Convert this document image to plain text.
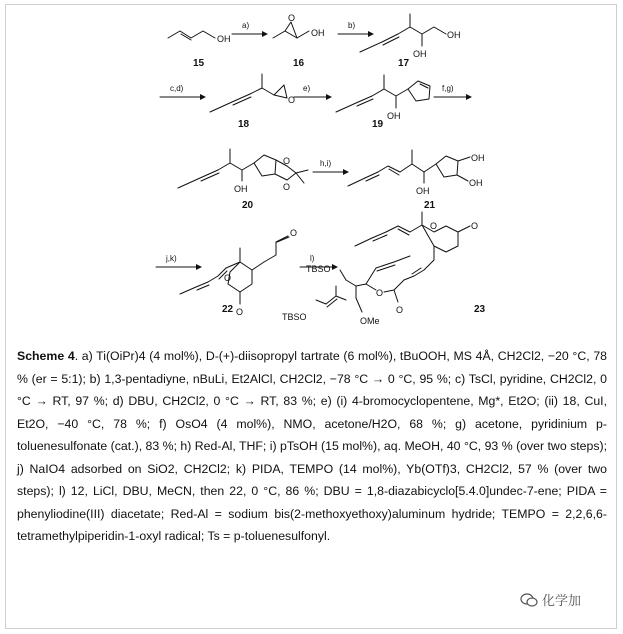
OH
15
a)
O
OH
16
b)
OH
OH
17
c,d)
O
18
e)
OH
19
f,g)
OH
O
O
20
h,i)
OH
OH
OH
21
j,k)
O
O
O
22
l)
O	O
O
O
TBSO
TBSO	OMe
23
Scheme 4. a) Ti(OiPr)4 (4 mol%), D-(+)-diisopropyl tartrate (6 mol%), tBuOOH, MS 4Å, CH2Cl2, −20 °C, 78 % (er = 5:1); b) 1,3-pentadiyne, nBuLi, Et2AlCl, CH2Cl2, −78 °C → 0 °C, 95 %; c) TsCl, pyridine, CH2Cl2, 0 °C → RT, 97 %; d) DBU, CH2Cl2, 0 °C → RT, 83 %; e) (i) 4-bromocyclopentene, Mg*, Et2O; (ii) 18, CuI, Et2O, −40 °C, 78 %; f) OsO4 (4 mol%), NMO, acetone/H2O, 68 %; g) acetone, pyridinium p-toluenesulfonate (cat.), 83 %; h) Red-Al, THF; i) pTsOH (15 mol%), aq. MeOH, 40 °C, 93 % (over two steps); j) NaIO4 adsorbed on SiO2, CH2Cl2; k) PIDA, TEMPO (14 mol%), Yb(OTf)3, CH2Cl2, 57 % (over two steps); l) 12, LiCl, DBU, MeCN, then 22, 0 °C, 86 %; DBU = 1,8-diazabicyclo[5.4.0]undec-7-ene; PIDA = phenyliodine(III) diacetate; Red-Al = sodium bis(2-methoxyethoxy)aluminum hydride; TEMPO = 2,2,6,6-tetramethylpiperidin-1-oxyl radical; Ts = p-toluenesulfonyl.
化学加
